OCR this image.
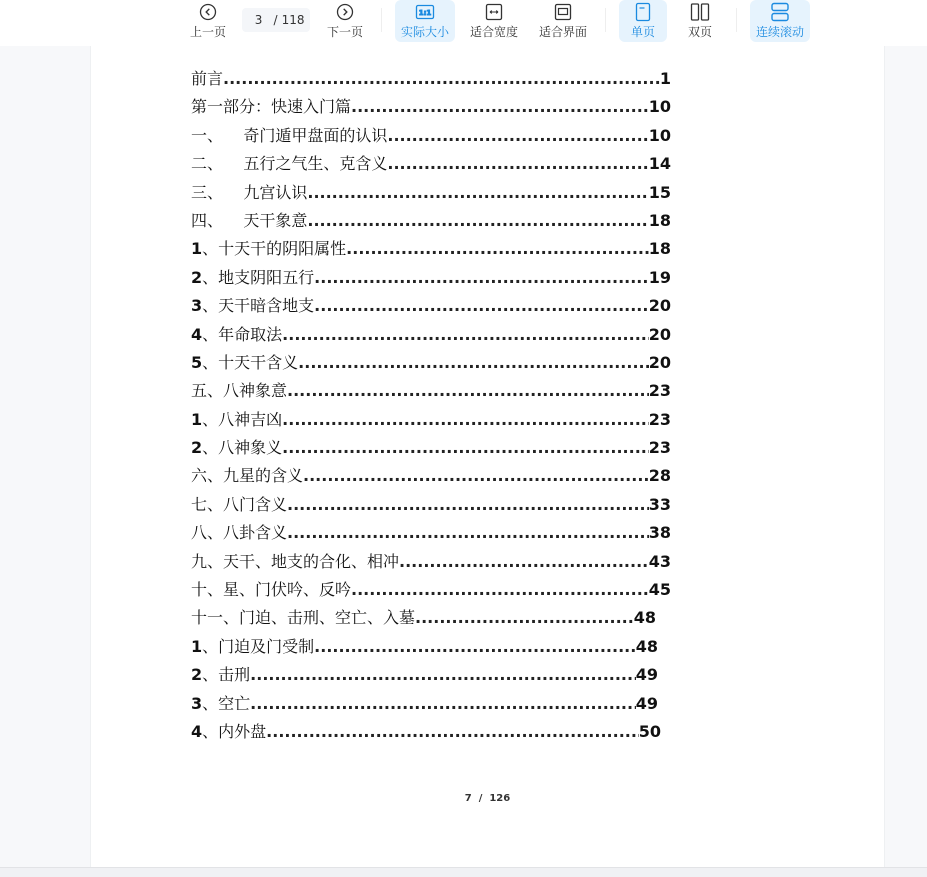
上一页
3
/ 118
下一页
1:1
实际大小 适合宽度 适合界面	单页	双页	连续滚动
前言 .....	1
第一部分：快速入门篇 .....	10
一、    奇门遁甲盘面的认识 .....	10
二、    五行之气生、克含义 .....	14
三、    九宫认识 .....	15
四、    天干象意 .....	18
1 、十天干的阴阳属性 .....	18
2 、地支阴阳五行 .....	19
3 、天干暗含地支 .....	20
4 、年命取法 .....	20
5 、十天干含义 .....	20
五、八神象意 .....	23
1 、八神吉凶 .....	23
2 、八神象义 .....	23
六、九星的含义 .....	28
七、八门含义 .....	33
八、八卦含义 .....	38
九、天干、地支的合化、相冲 .....	43
十、星、门伏吟、反吟 .....	45
十一、门迫、击刑、空亡、入墓 .....	48
1 、门迫及门受制 .....	48
2 、击刑 .....	49
3 、空亡 .....	49
4 、内外盘 .....	50
7  /  126
